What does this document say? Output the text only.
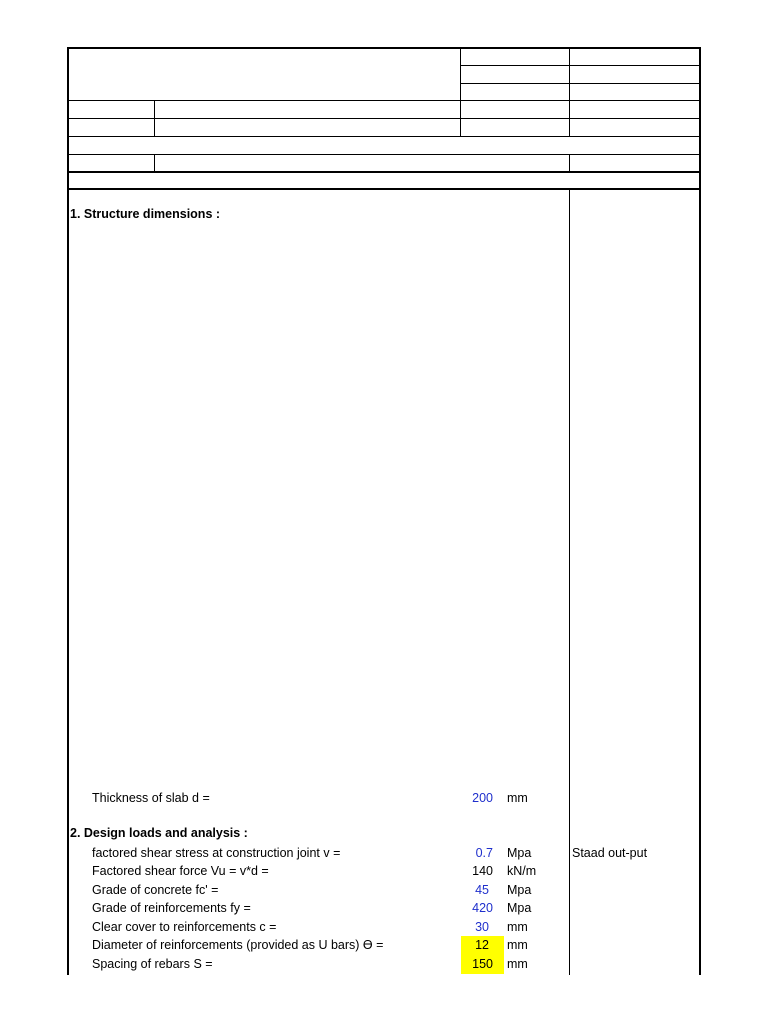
1. Structure dimensions :
Thickness of slab d =	200 mm
2. Design loads and analysis :
factored shear stress at construction joint v =	0.7 Mpa	Staad out-put
Factored shear force Vu = v*d =	140 kN/m
Grade of concrete fc' =	45 Mpa
Grade of reinforcements fy =	420 Mpa
Clear cover to reinforcements c =	30 mm
Diameter of reinforcements (provided as U bars) Ө =	12 mm
Spacing of rebars S =	150 mm
